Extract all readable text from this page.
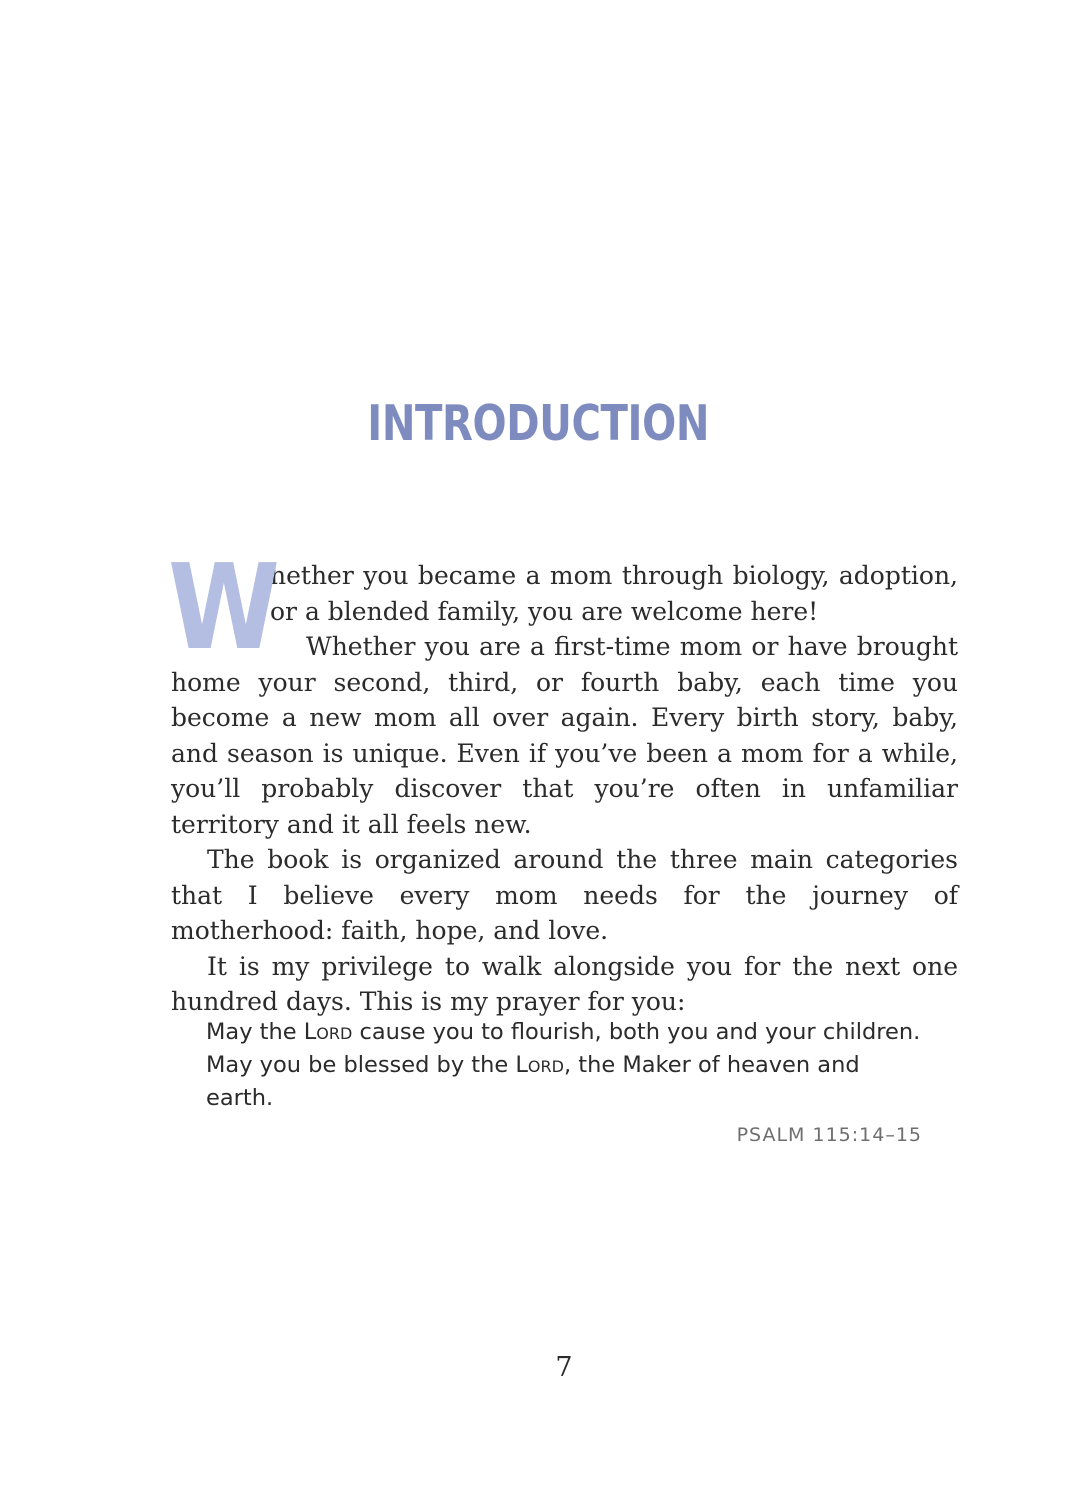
INTRODUCTION

W
hether you became a mom through biology, adoption, or a blended family, you are welcome here!

Whether you are a first-time mom or have brought home your second, third, or fourth baby, each time you become a new mom all over again. Every birth story, baby, and season is unique. Even if you’ve been a mom for a while, you’ll probably discover that you’re often in unfamiliar territory and it all feels new.

The book is organized around the three main categories that I believe every mom needs for the journey of motherhood: faith, hope, and love.

It is my privilege to walk alongside you for the next one hundred days. This is my prayer for you:

May the Lord cause you to flourish, both you and your children. May you be blessed by the Lord, the Maker of heaven and earth.

PSALM 115:14–15
7
